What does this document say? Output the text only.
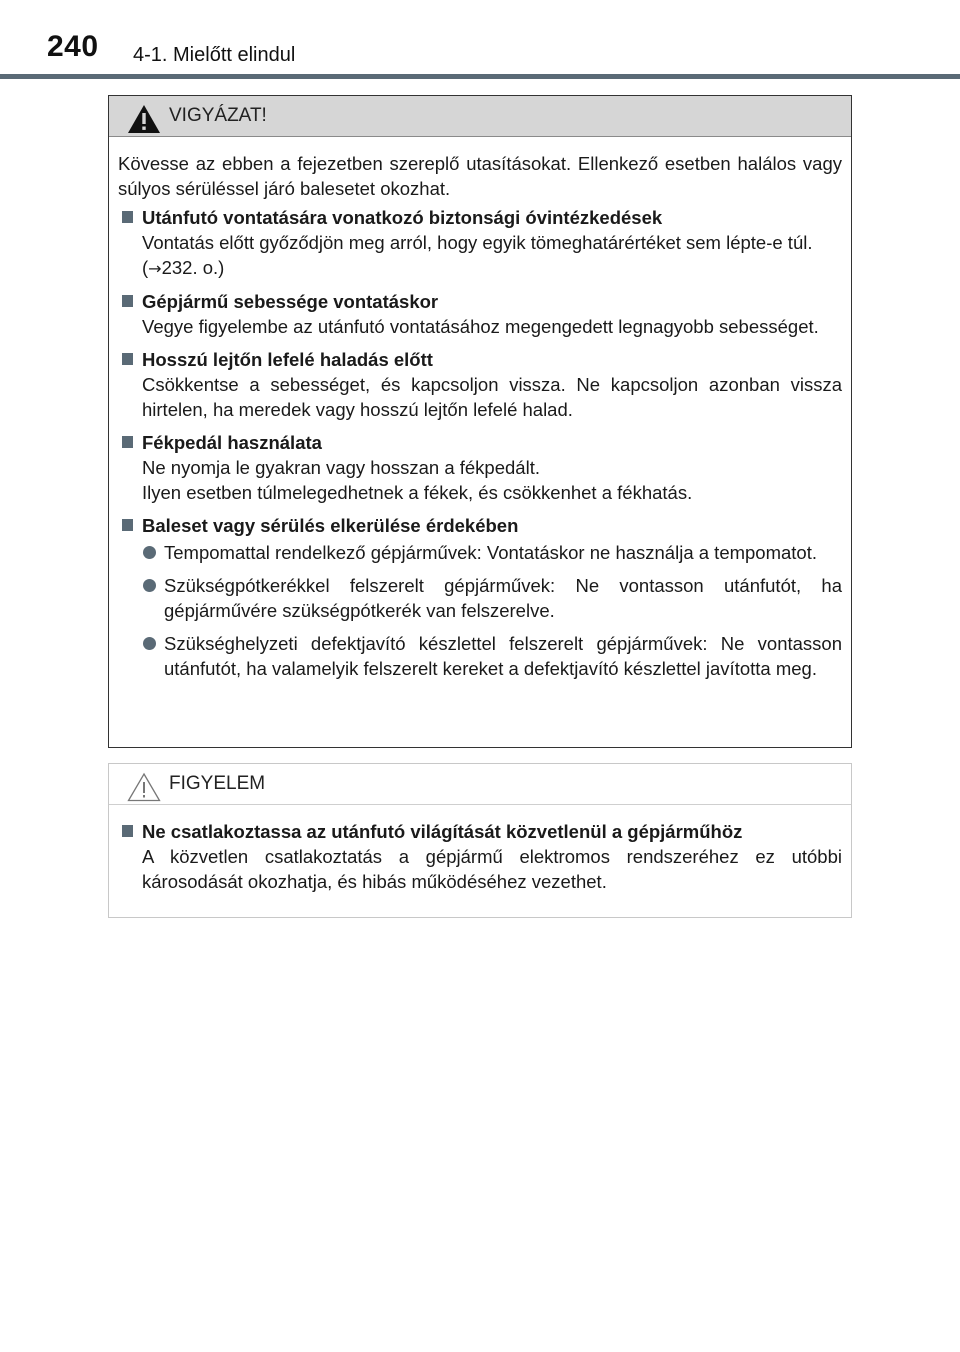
240 4-1. Mielőtt elindul
VIGYÁZAT!

Kövesse az ebben a fejezetben szereplő utasításokat. Ellenkező esetben halálos vagy súlyos sérüléssel járó balesetet okozhat.

Utánfutó vontatására vonatkozó biztonsági óvintézkedések
Vontatás előtt győződjön meg arról, hogy egyik tömeghatárértéket sem lépte-e túl.
(→232. o.)
Gépjármű sebessége vontatáskor
Vegye figyelembe az utánfutó vontatásához megengedett legnagyobb sebességet.
Hosszú lejtőn lefelé haladás előtt
Csökkentse a sebességet, és kapcsoljon vissza. Ne kapcsoljon azonban vissza hirtelen, ha meredek vagy hosszú lejtőn lefelé halad.
Fékpedál használata
Ne nyomja le gyakran vagy hosszan a fékpedált.
Ilyen esetben túlmelegedhetnek a fékek, és csökkenhet a fékhatás.
Baleset vagy sérülés elkerülése érdekében
Tempomattal rendelkező gépjárművek: Vontatáskor ne használja a tempomatot.
Szükségpótkerékkel felszerelt gépjárművek: Ne vontasson utánfutót, ha gépjárművére szükségpótkerék van felszerelve.
Szükséghelyzeti defektjavító készlettel felszerelt gépjárművek: Ne vontasson utánfutót, ha valamelyik felszerelt kereket a defektjavító készlettel javította meg.
FIGYELEM
Ne csatlakoztassa az utánfutó világítását közvetlenül a gépjárműhöz
A közvetlen csatlakoztatás a gépjármű elektromos rendszeréhez ez utóbbi károsodását okozhatja, és hibás működéséhez vezethet.
